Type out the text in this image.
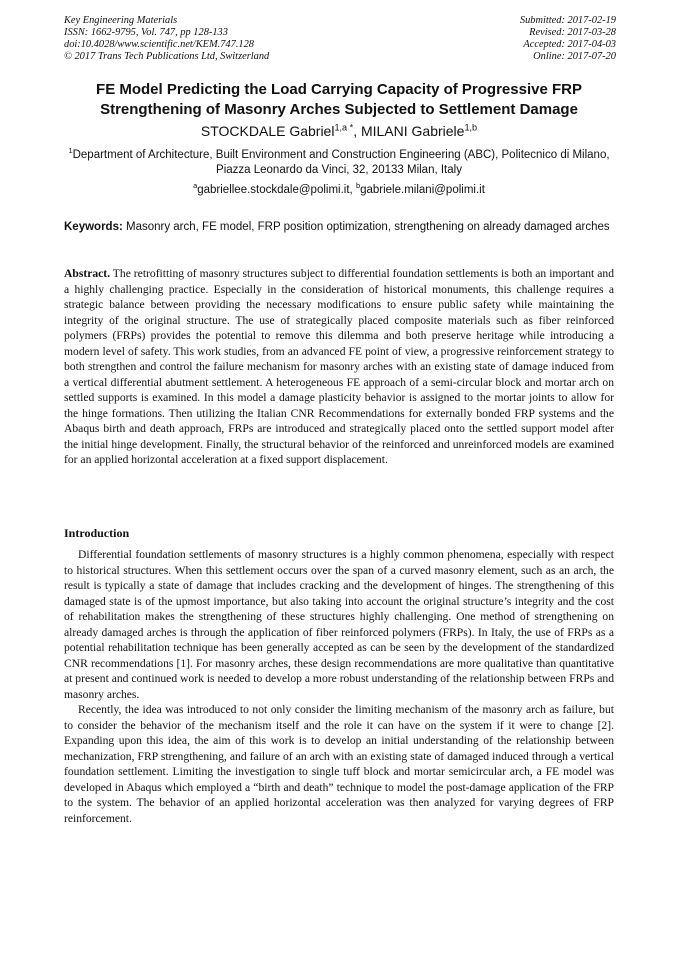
Key Engineering Materials
ISSN: 1662-9795, Vol. 747, pp 128-133
doi:10.4028/www.scientific.net/KEM.747.128
© 2017 Trans Tech Publications Ltd, Switzerland
Submitted: 2017-02-19
Revised: 2017-03-28
Accepted: 2017-04-03
Online: 2017-07-20
FE Model Predicting the Load Carrying Capacity of Progressive FRP
Strengthening of Masonry Arches Subjected to Settlement Damage
STOCKDALE Gabriel$^{1,a *}$, MILANI Gabriele$^{1,b}$
$^1$Department of Architecture, Built Environment and Construction Engineering (ABC), Politecnico di Milano, Piazza Leonardo da Vinci, 32, 20133 Milan, Italy
$^a$gabriellee.stockdale@polimi.it, $^b$gabriele.milani@polimi.it
Keywords: Masonry arch, FE model, FRP position optimization, strengthening on already damaged arches
Abstract. The retrofitting of masonry structures subject to differential foundation settlements is both an important and a highly challenging practice. Especially in the consideration of historical monuments, this challenge requires a strategic balance between providing the necessary modifications to ensure public safety while maintaining the integrity of the original structure. The use of strategically placed composite materials such as fiber reinforced polymers (FRPs) provides the potential to remove this dilemma and both preserve heritage while introducing a modern level of safety. This work studies, from an advanced FE point of view, a progressive reinforcement strategy to both strengthen and control the failure mechanism for masonry arches with an existing state of damage induced from a vertical differential abutment settlement. A heterogeneous FE approach of a semi-circular block and mortar arch on settled supports is examined. In this model a damage plasticity behavior is assigned to the mortar joints to allow for the hinge formations. Then utilizing the Italian CNR Recommendations for externally bonded FRP systems and the Abaqus birth and death approach, FRPs are introduced and strategically placed onto the settled support model after the initial hinge development. Finally, the structural behavior of the reinforced and unreinforced models are examined for an applied horizontal acceleration at a fixed support displacement.
Introduction

Differential foundation settlements of masonry structures is a highly common phenomena, especially with respect to historical structures. When this settlement occurs over the span of a curved masonry element, such as an arch, the result is typically a state of damage that includes cracking and the development of hinges. The strengthening of this damaged state is of the upmost importance, but also taking into account the original structure’s integrity and the cost of rehabilitation makes the strengthening of these structures highly challenging. One method of strengthening on already damaged arches is through the application of fiber reinforced polymers (FRPs). In Italy, the use of FRPs as a potential rehabilitation technique has been generally accepted as can be seen by the development of the standardized CNR recommendations [1]. For masonry arches, these design recommendations are more qualitative than quantitative at present and continued work is needed to develop a more robust understanding of the relationship between FRPs and masonry arches.

Recently, the idea was introduced to not only consider the limiting mechanism of the masonry arch as failure, but to consider the behavior of the mechanism itself and the role it can have on the system if it were to change [2]. Expanding upon this idea, the aim of this work is to develop an initial understanding of the relationship between mechanization, FRP strengthening, and failure of an arch with an existing state of damaged induced through a vertical foundation settlement. Limiting the investigation to single tuff block and mortar semicircular arch, a FE model was developed in Abaqus which employed a “birth and death” technique to model the post-damage application of the FRP to the system. The behavior of an applied horizontal acceleration was then analyzed for varying degrees of FRP reinforcement.
